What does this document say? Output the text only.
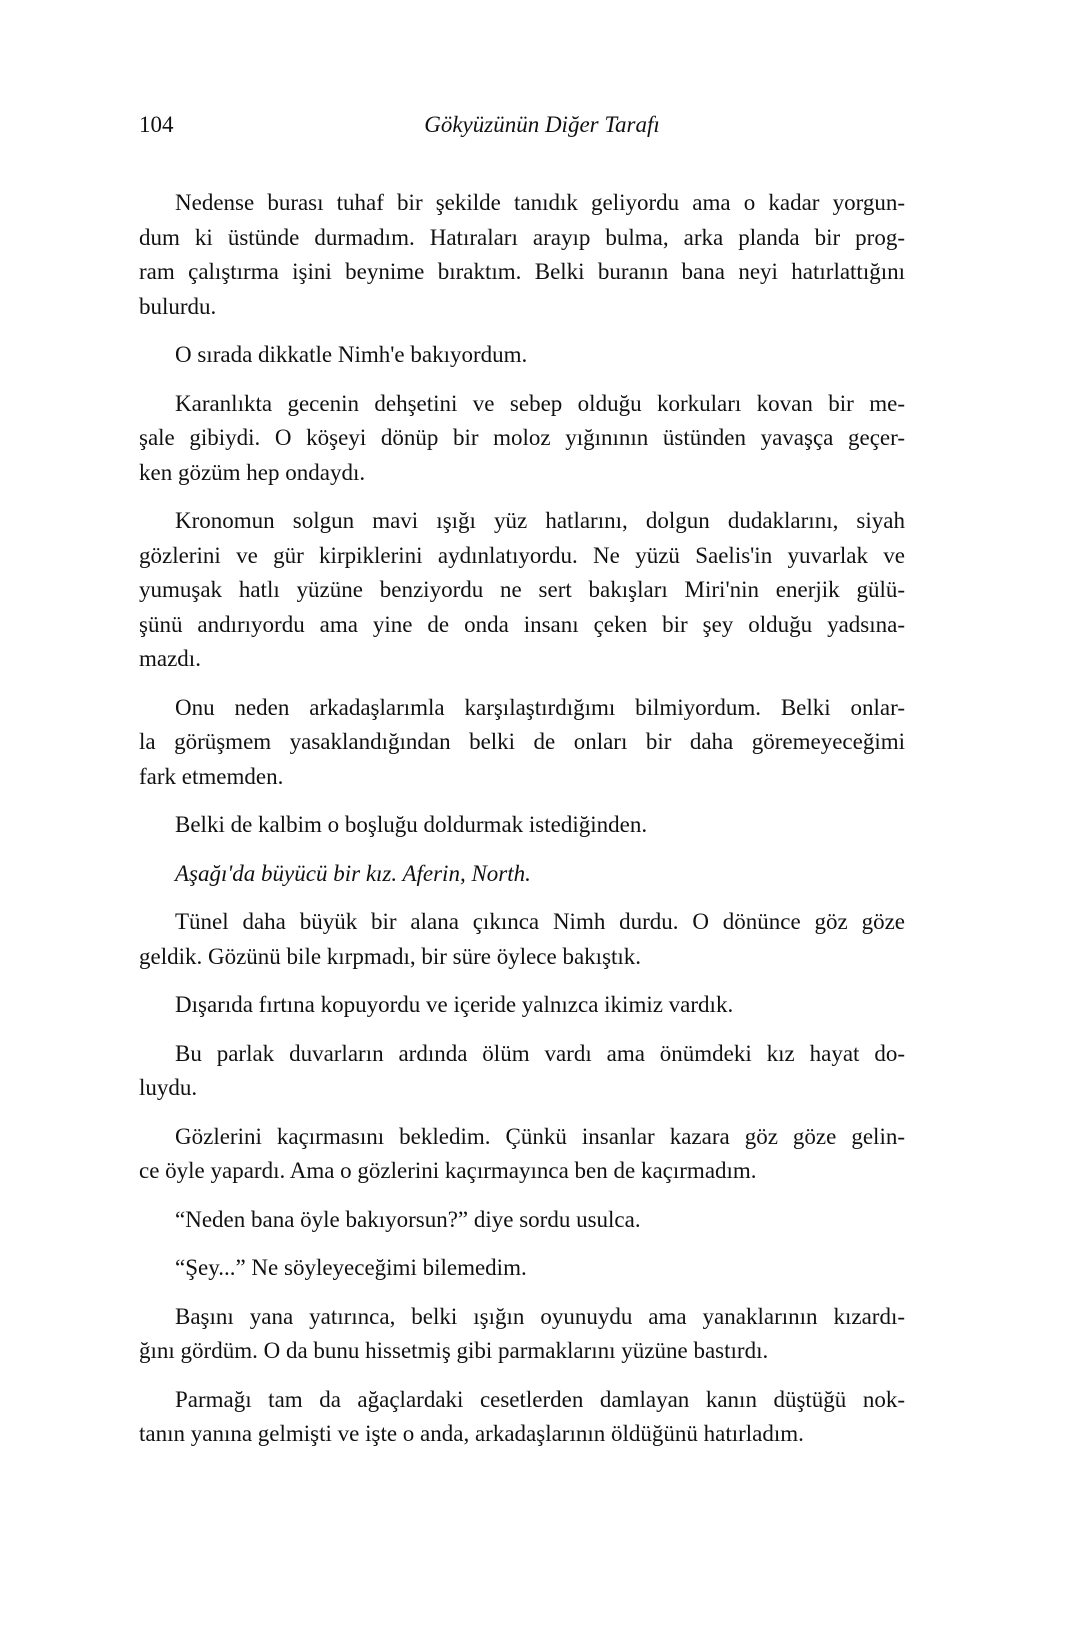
104	Gökyüzünün Diğer Tarafı

Nedense burası tuhaf bir şekilde tanıdık geliyordu ama o kadar yorgun-
dum ki üstünde durmadım. Hatıraları arayıp bulma, arka planda bir prog-
ram çalıştırma işini beynime bıraktım. Belki buranın bana neyi hatırlattığını
bulurdu.

O sırada dikkatle Nimh'e bakıyordum.

Karanlıkta gecenin dehşetini ve sebep olduğu korkuları kovan bir me-
şale gibiydi. O köşeyi dönüp bir moloz yığınının üstünden yavaşça geçer-
ken gözüm hep ondaydı.

Kronomun solgun mavi ışığı yüz hatlarını, dolgun dudaklarını, siyah
gözlerini ve gür kirpiklerini aydınlatıyordu. Ne yüzü Saelis'in yuvarlak ve
yumuşak hatlı yüzüne benziyordu ne sert bakışları Miri'nin enerjik gülü-
şünü andırıyordu ama yine de onda insanı çeken bir şey olduğu yadsına-
mazdı.

Onu neden arkadaşlarımla karşılaştırdığımı bilmiyordum. Belki onlar-
la görüşmem yasaklandığından belki de onları bir daha göremeyeceğimi
fark etmemden.

Belki de kalbim o boşluğu doldurmak istediğinden.

Aşağı'da büyücü bir kız. Aferin, North.

Tünel daha büyük bir alana çıkınca Nimh durdu. O dönünce göz göze
geldik. Gözünü bile kırpmadı, bir süre öylece bakıştık.

Dışarıda fırtına kopuyordu ve içeride yalnızca ikimiz vardık.

Bu parlak duvarların ardında ölüm vardı ama önümdeki kız hayat do-
luydu.

Gözlerini kaçırmasını bekledim. Çünkü insanlar kazara göz göze gelin-
ce öyle yapardı. Ama o gözlerini kaçırmayınca ben de kaçırmadım.

“Neden bana öyle bakıyorsun?” diye sordu usulca.

“Şey...” Ne söyleyeceğimi bilemedim.

Başını yana yatırınca, belki ışığın oyunuydu ama yanaklarının kızardı-
ğını gördüm. O da bunu hissetmiş gibi parmaklarını yüzüne bastırdı.

Parmağı tam da ağaçlardaki cesetlerden damlayan kanın düştüğü nok-
tanın yanına gelmişti ve işte o anda, arkadaşlarının öldüğünü hatırladım.
